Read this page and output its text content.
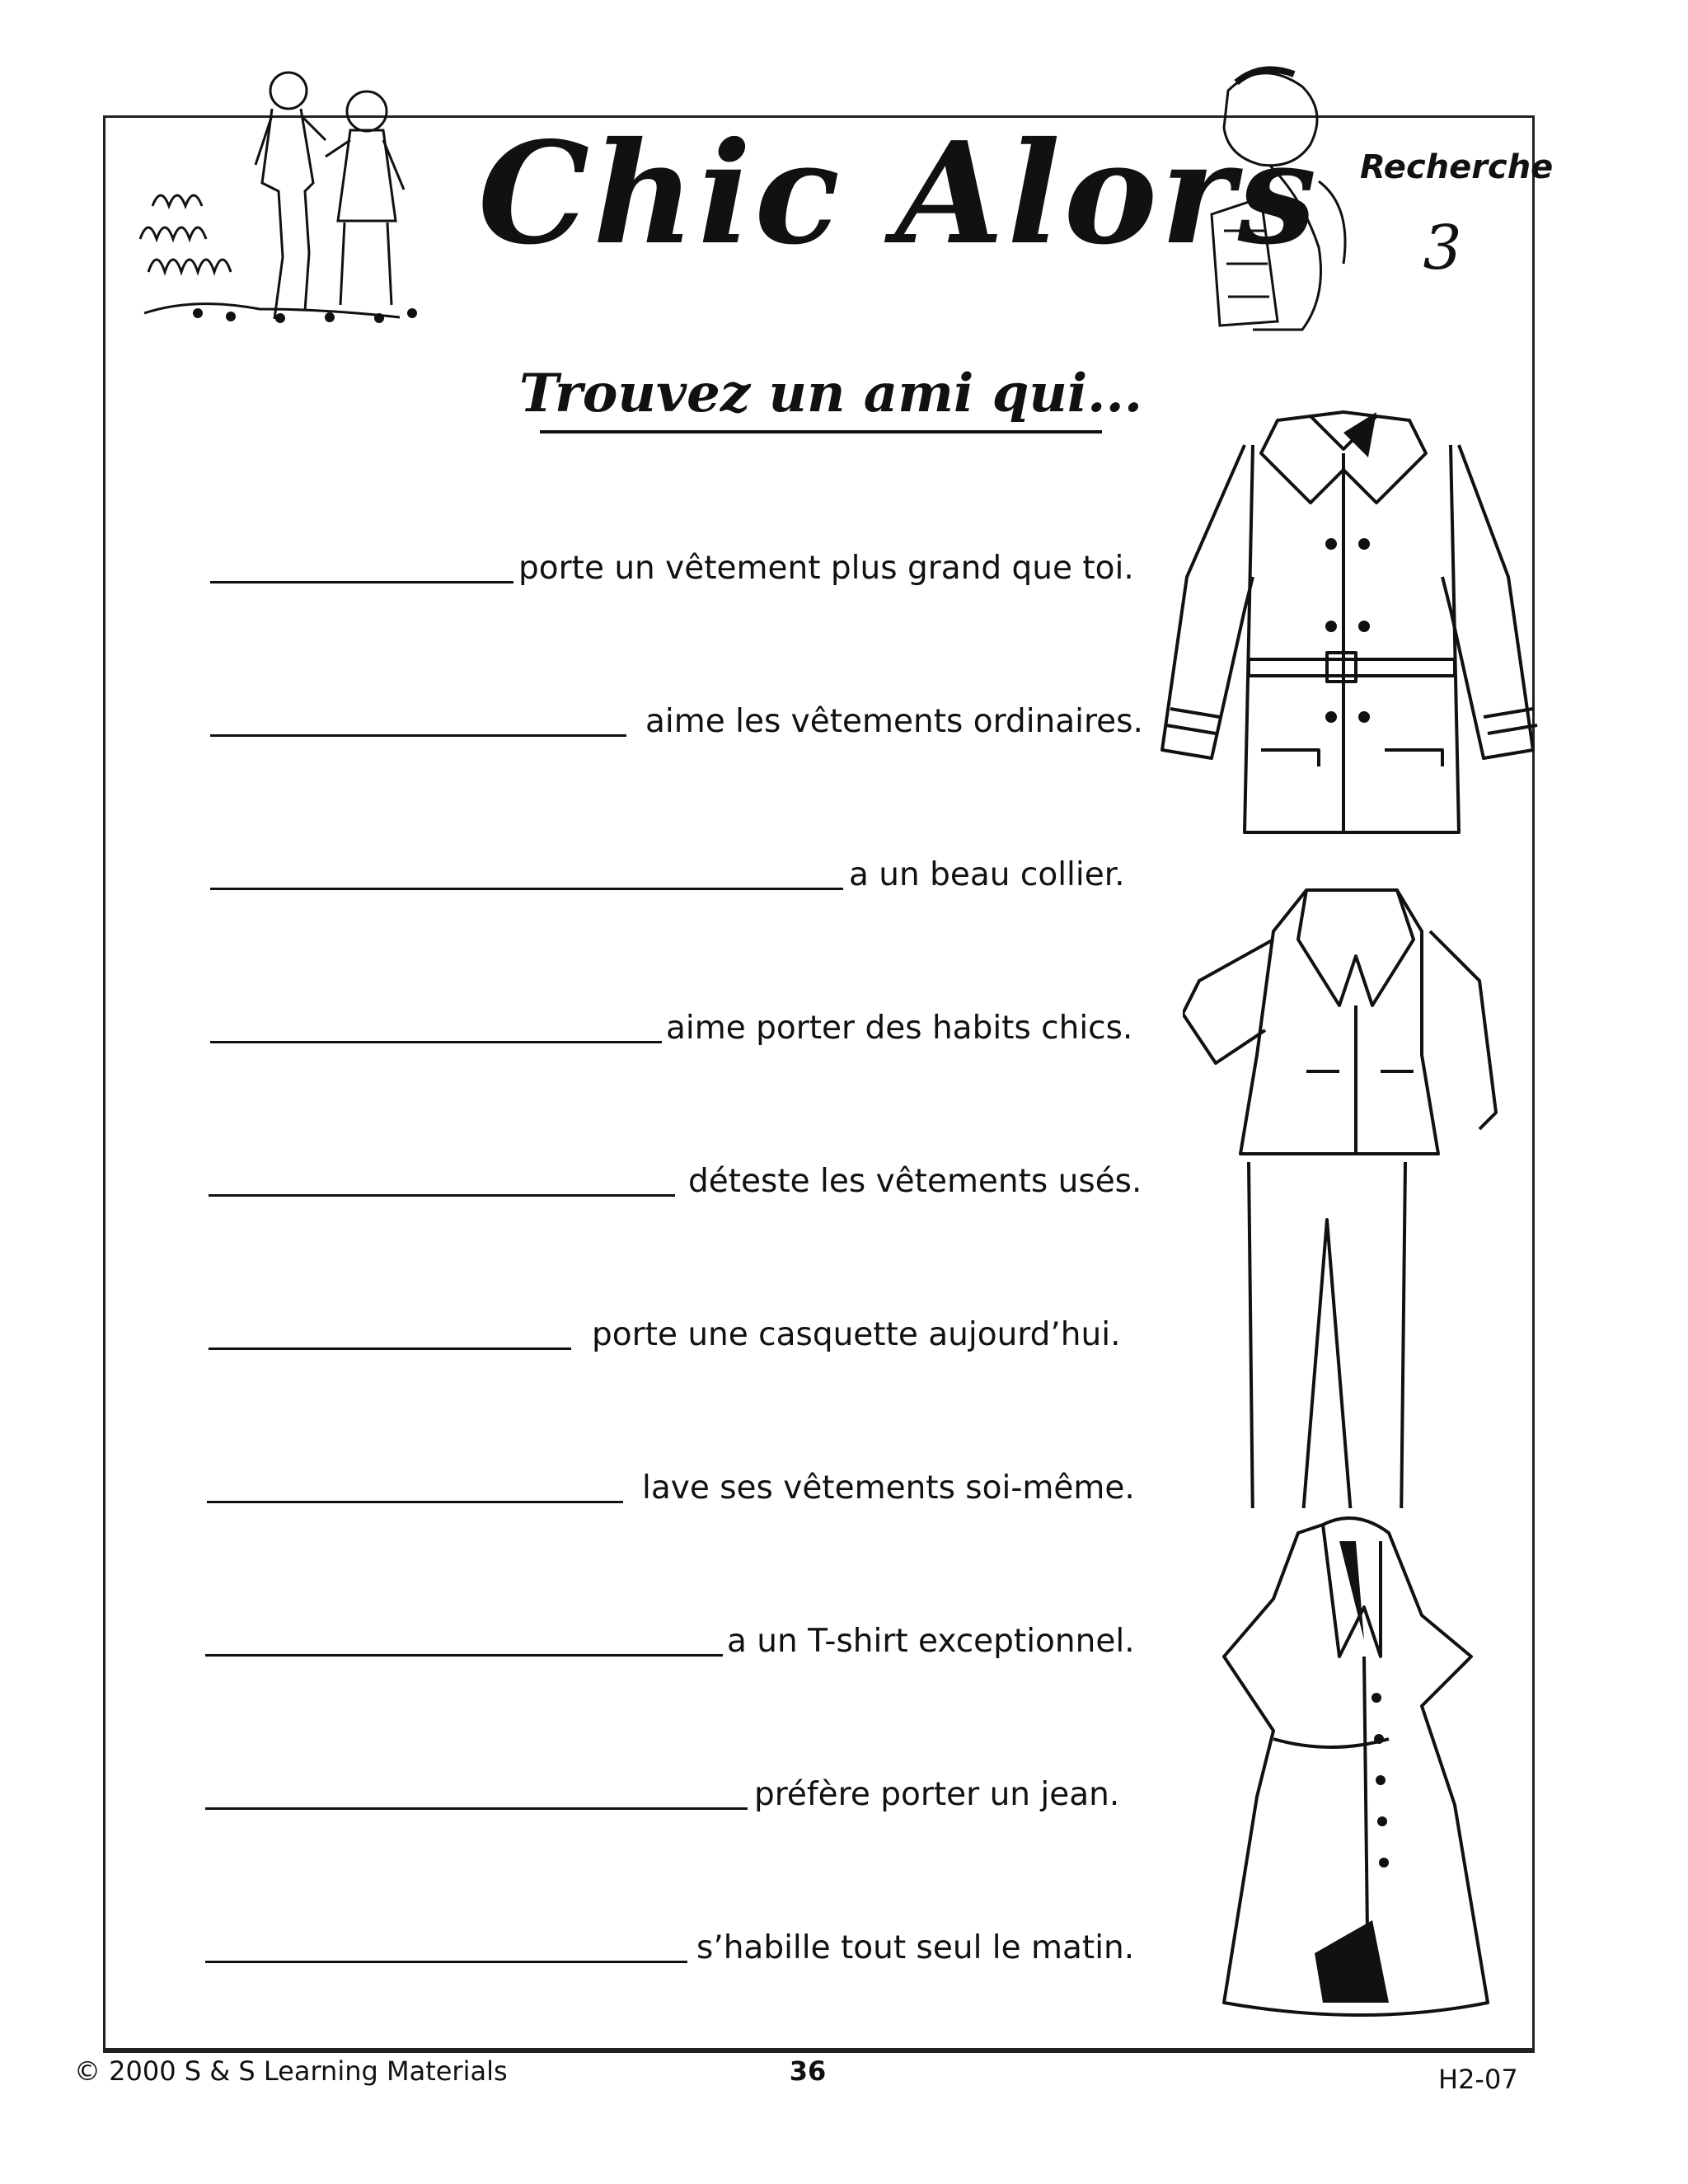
Chic Alors Recherche
3
Trouvez un ami qui...
porte un vêtement plus grand que toi.
aime les vêtements ordinaires.
a un beau collier.
aime porter des habits chics.
déteste les vêtements usés.
porte une casquette aujourd’hui.
lave ses vêtements soi-même.
a un T-shirt exceptionnel.
préfère porter un jean.
s’habille tout seul le matin.
© 2000 S & S Learning Materials	36	H2-07
